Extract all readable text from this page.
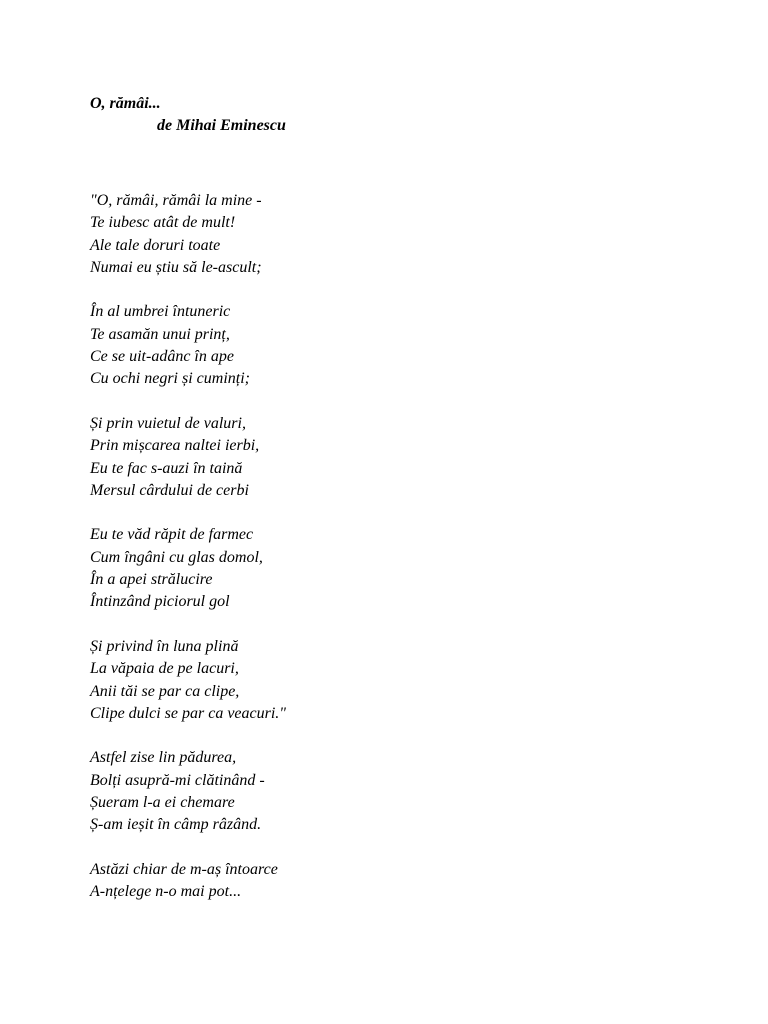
O, rămâi...
de Mihai Eminescu
"O, rămâi, rămâi la mine -
Te iubesc atât de mult!
Ale tale doruri toate
Numai eu știu să le-ascult;
În al umbrei întuneric
Te asamăn unui prinț,
Ce se uit-adânc în ape
Cu ochi negri și cuminți;
Și prin vuietul de valuri,
Prin mișcarea naltei ierbi,
Eu te fac s-auzi în taină
Mersul cârdului de cerbi
Eu te văd răpit de farmec
Cum îngâni cu glas domol,
În a apei strălucire
Întinzând piciorul gol
Și privind în luna plină
La văpaia de pe lacuri,
Anii tăi se par ca clipe,
Clipe dulci se par ca veacuri."
Astfel zise lin pădurea,
Bolți asupră-mi clătinând -
Șueram l-a ei chemare
Ș-am ieșit în câmp râzând.
Astăzi chiar de m-aș întoarce
A-nțelege n-o mai pot...
